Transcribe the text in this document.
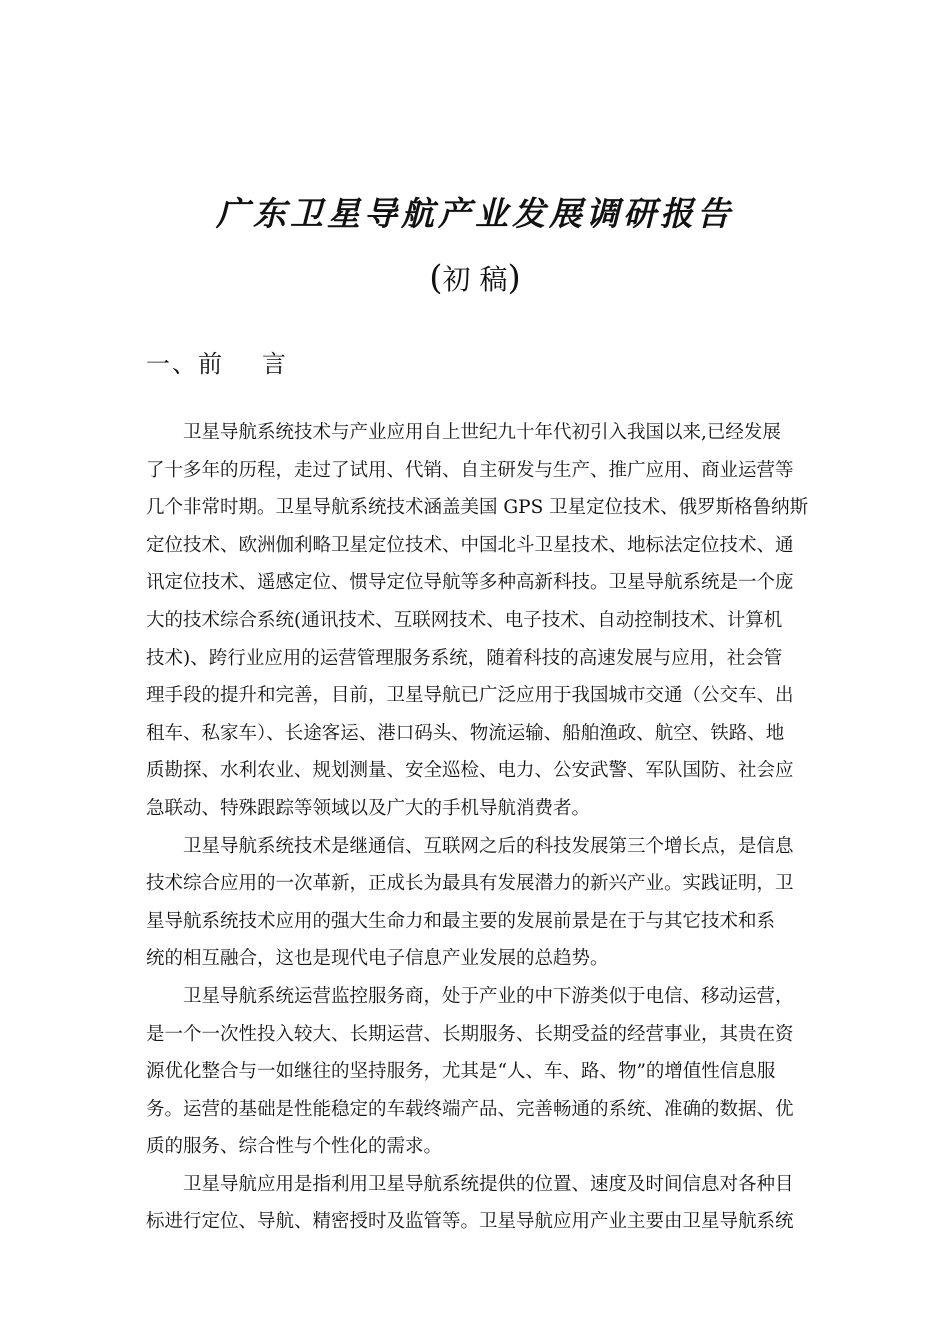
广东卫星导航产业发展调研报告
(初 稿)
一、前 言

卫星导航系统技术与产业应用自上世纪九十年代初引入我国以来,已经发展
了十多年的历程，走过了试用、代销、自主研发与生产、推广应用、商业运营等
几个非常时期。卫星导航系统技术涵盖美国 GPS 卫星定位技术、俄罗斯格鲁纳斯
定位技术、欧洲伽利略卫星定位技术、中国北斗卫星技术、地标法定位技术、通
讯定位技术、遥感定位、惯导定位导航等多种高新科技。卫星导航系统是一个庞
大的技术综合系统(通讯技术、互联网技术、电子技术、自动控制技术、计算机
技术)、跨行业应用的运营管理服务系统，随着科技的高速发展与应用，社会管
理手段的提升和完善，目前，卫星导航已广泛应用于我国城市交通（公交车、出
租车、私家车）、长途客运、港口码头、物流运输、船舶渔政、航空、铁路、地
质勘探、水利农业、规划测量、安全巡检、电力、公安武警、军队国防、社会应
急联动、特殊跟踪等领域以及广大的手机导航消费者。

卫星导航系统技术是继通信、互联网之后的科技发展第三个增长点，是信息
技术综合应用的一次革新，正成长为最具有发展潜力的新兴产业。实践证明，卫
星导航系统技术应用的强大生命力和最主要的发展前景是在于与其它技术和系
统的相互融合，这也是现代电子信息产业发展的总趋势。

卫星导航系统运营监控服务商，处于产业的中下游类似于电信、移动运营，
是一个一次性投入较大、长期运营、长期服务、长期受益的经营事业，其贵在资
源优化整合与一如继往的坚持服务，尤其是“人、车、路、物”的增值性信息服
务。运营的基础是性能稳定的车载终端产品、完善畅通的系统、准确的数据、优
质的服务、综合性与个性化的需求。

卫星导航应用是指利用卫星导航系统提供的位置、速度及时间信息对各种目
标进行定位、导航、精密授时及监管等。卫星导航应用产业主要由卫星导航系统
